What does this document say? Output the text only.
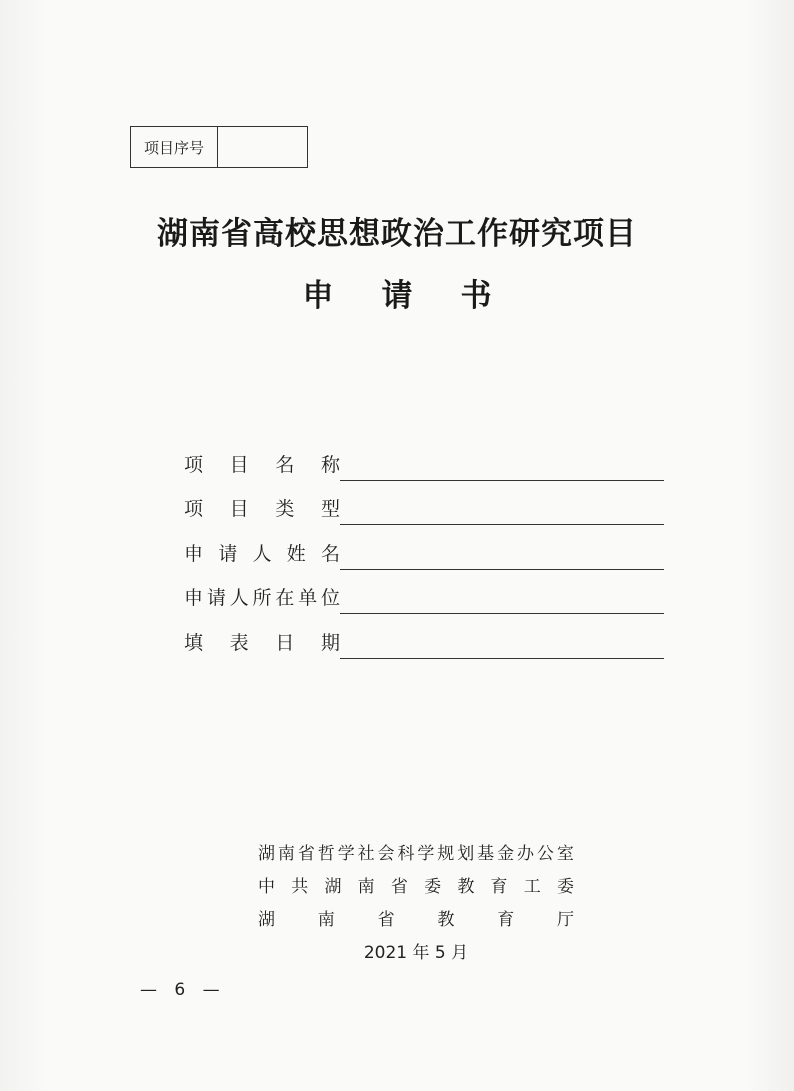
项目序号
湖南省高校思想政治工作研究项目
申请书
项 目 名 称
项 目 类 型
申 请 人 姓 名
申 请 人 所 在 单 位
填 表 日 期
湖 南 省 哲 学 社 会 科 学 规 划 基 金 办 公 室
中 共 湖 南 省 委 教 育 工 委
湖	南	省	教	育	厅
2021 年 5 月
— 6 —
